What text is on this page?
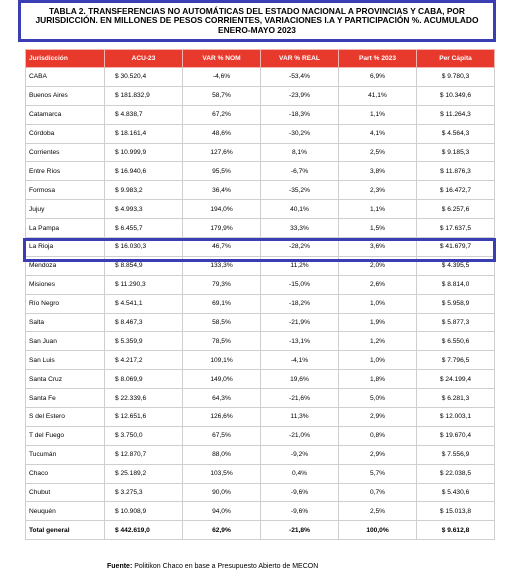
TABLA 2. TRANSFERENCIAS NO AUTOMÁTICAS DEL ESTADO NACIONAL A PROVINCIAS Y CABA, POR JURISDICCIÓN. EN MILLONES DE PESOS CORRIENTES, VARIACIONES I.A Y PARTICIPACIÓN %. ACUMULADO ENERO-MAYO 2023
Jurisdicción	ACU-23	VAR % NOM	VAR % REAL	Part % 2023	Per Cápita
CABA	$ 30.520,4	-4,6%	-53,4%	6,9%	$ 9.780,3
Buenos Aires	$ 181.832,9	58,7%	-23,9%	41,1%	$ 10.349,6
Catamarca	$ 4.838,7	67,2%	-18,3%	1,1%	$ 11.264,3
Córdoba	$ 18.161,4	48,6%	-30,2%	4,1%	$ 4.564,3
Corrientes	$ 10.999,9	127,6%	8,1%	2,5%	$ 9.185,3
Entre Ríos	$ 16.940,6	95,5%	-6,7%	3,8%	$ 11.876,3
Formosa	$ 9.983,2	36,4%	-35,2%	2,3%	$ 16.472,7
Jujuy	$ 4.993,3	194,0%	40,1%	1,1%	$ 6.257,6
La Pampa	$ 6.455,7	179,9%	33,3%	1,5%	$ 17.637,5
La Rioja	$ 16.030,3	46,7%	-28,2%	3,6%	$ 41.679,7
Mendoza	$ 8.854,9	133,3%	11,2%	2,0%	$ 4.395,5
Misiones	$ 11.290,3	79,3%	-15,0%	2,6%	$ 8.814,0
Río Negro	$ 4.541,1	69,1%	-18,2%	1,0%	$ 5.958,9
Salta	$ 8.467,3	58,5%	-21,9%	1,9%	$ 5.877,3
San Juan	$ 5.359,9	78,5%	-13,1%	1,2%	$ 6.550,6
San Luis	$ 4.217,2	109,1%	-4,1%	1,0%	$ 7.796,5
Santa Cruz	$ 8.069,9	149,0%	19,6%	1,8%	$ 24.199,4
Santa Fe	$ 22.339,6	64,3%	-21,6%	5,0%	$ 6.281,3
S del Estero	$ 12.651,6	126,6%	11,3%	2,9%	$ 12.003,1
T del Fuego	$ 3.750,0	67,5%	-21,0%	0,8%	$ 19.670,4
Tucumán	$ 12.870,7	88,0%	-9,2%	2,9%	$ 7.556,9
Chaco	$ 25.189,2	103,5%	0,4%	5,7%	$ 22.038,5
Chubut	$ 3.275,3	90,0%	-9,6%	0,7%	$ 5.430,6
Neuquén	$ 10.908,9	94,0%	-9,6%	2,5%	$ 15.013,8
Total general	$ 442.619,0	62,9%	-21,8%	100,0%	$ 9.612,8
Fuente: Politikon Chaco en base a Presupuesto Abierto de MECON
